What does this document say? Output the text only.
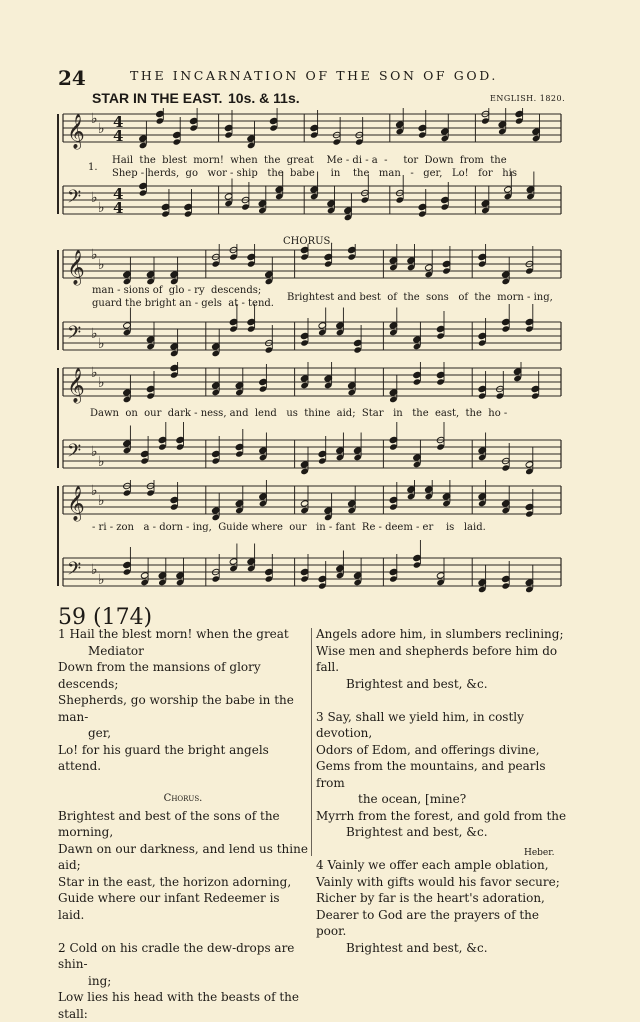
24	THE INCARNATION OF THE SON OF GOD.
STAR IN THE EAST. 10s. & 11s.	ENGLISH. 1820.
𝄞 ♭
♭
𝄢 ♭
♭
4
4
4
4
𝄞 ♭
♭
𝄢 ♭
♭
𝄞 ♭
♭
𝄢 ♭
♭
𝄞 ♭
♭
𝄢 ♭
♭
1.
Hail  the  blest  morn!  when  the  great    Me - di - a  -     tor  Down  from  the
Shep - herds,  go   wor - ship   the  babe     in    the   man   -   ger,   Lo!   for   his
CHORUS.
man - sions of  glo - ry  descends;
guard the bright an - gels  at - tend.
Brightest and best  of  the  sons   of  the  morn - ing,
Dawn  on  our  dark - ness, and  lend   us  thine  aid;  Star   in   the  east,  the  ho -
- ri - zon   a - dorn - ing,  Guide where  our   in - fant  Re - deem - er    is   laid.
59 (174)

1 Hail the blest morn! when the great

Mediator

Down from the mansions of glory descends;

Shepherds, go worship the babe in the man-

ger,

Lo! for his guard the bright angels attend.

Chorus.

Brightest and best of the sons of the morning,

Dawn on our darkness, and lend us thine aid;

Star in the east, the horizon adorning,

Guide where our infant Redeemer is laid.

2 Cold on his cradle the dew-drops are shin-

ing;

Low lies his head with the beasts of the stall:

Angels adore him, in slumbers reclining;

Wise men and shepherds before him do fall.

Brightest and best, &c.

3 Say, shall we yield him, in costly devotion,

Odors of Edom, and offerings divine,

Gems from the mountains, and pearls from

the ocean, [mine?

Myrrh from the forest, and gold from the

Brightest and best, &c.

4 Vainly we offer each ample oblation,

Vainly with gifts would his favor secure;

Richer by far is the heart's adoration,

Dearer to God are the prayers of the poor.

Brightest and best, &c.

Heber.
